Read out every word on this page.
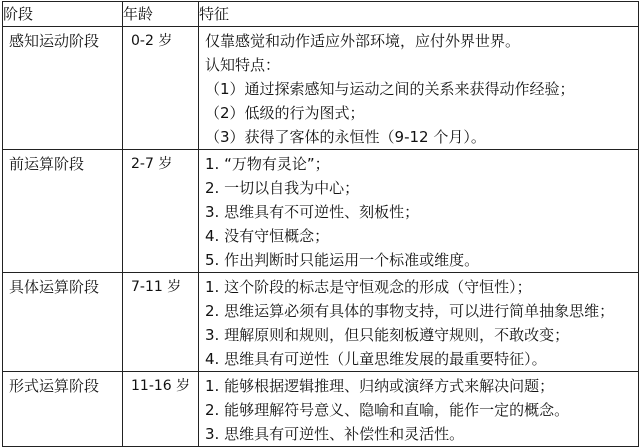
阶段	年龄	特征
感知运动阶段	0-2 岁	仅靠感觉和动作适应外部环境，应付外界世界。
认知特点：
（1）通过探索感知与运动之间的关系来获得动作经验；
（2）低级的行为图式；
（3）获得了客体的永恒性（9-12 个月）。

前运算阶段	2-7 岁	1. “万物有灵论”；
2. 一切以自我为中心；
3. 思维具有不可逆性、刻板性；
4. 没有守恒概念；
5. 作出判断时只能运用一个标准或维度。

具体运算阶段	7-11 岁	1. 这个阶段的标志是守恒观念的形成（守恒性）；
2. 思维运算必须有具体的事物支持，可以进行简单抽象思维；
3. 理解原则和规则，但只能刻板遵守规则，不敢改变；
4. 思维具有可逆性（儿童思维发展的最重要特征）。

形式运算阶段	11-16 岁	1. 能够根据逻辑推理、归纳或演绎方式来解决问题；
2. 能够理解符号意义、隐喻和直喻，能作一定的概念。
3. 思维具有可逆性、补偿性和灵活性。
